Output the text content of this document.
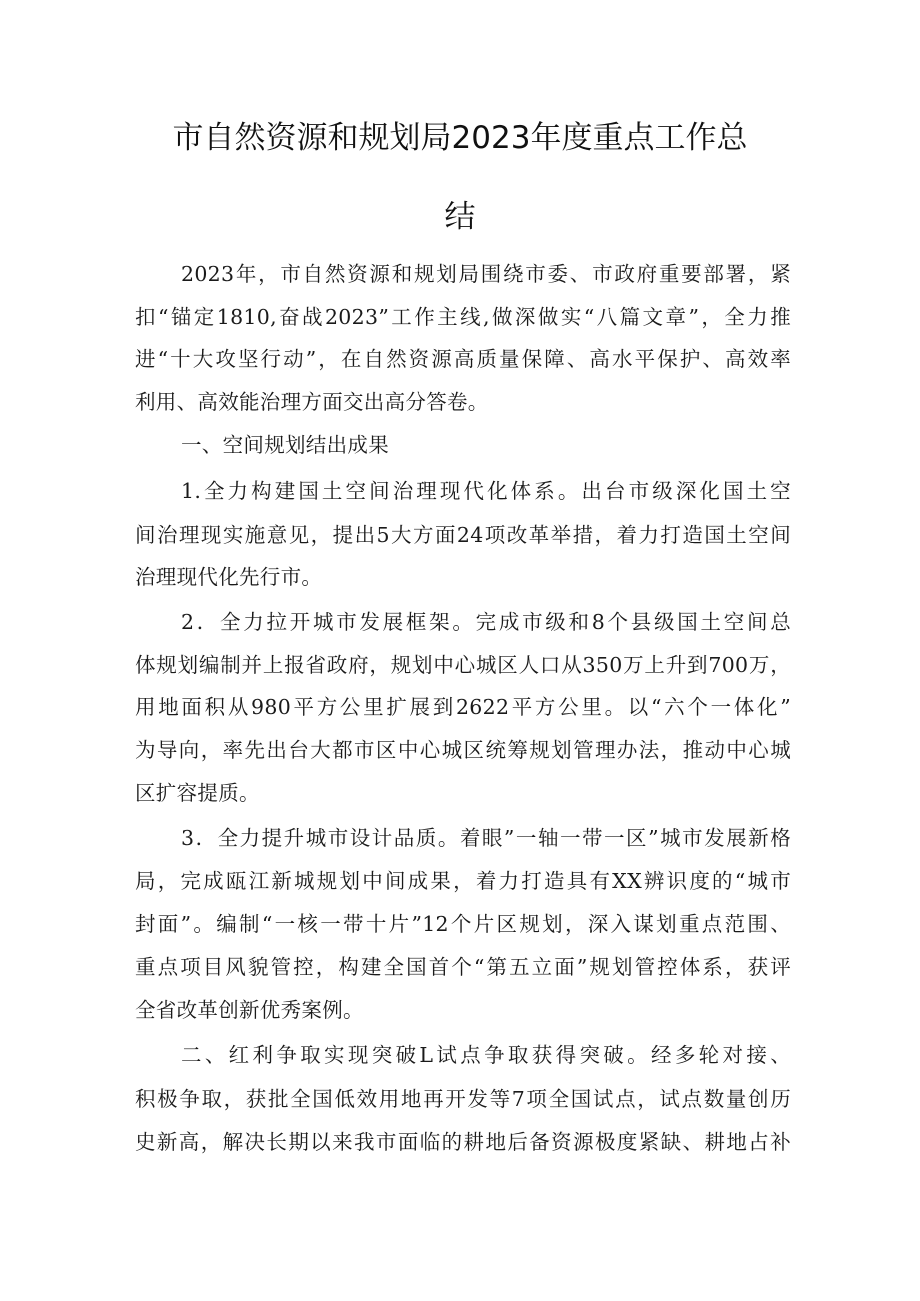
市自然资源和规划局2023年度重点工作总
结
2023年，市自然资源和规划局围绕市委、市政府重要部署，紧
扣“锚定1810,奋战2023”工作主线,做深做实“八篇文章”，全力推
进“十大攻坚行动”，在自然资源高质量保障、高水平保护、高效率
利用、高效能治理方面交出高分答卷。
一、空间规划结出成果
1.全力构建国土空间治理现代化体系。出台市级深化国土空
间治理现实施意见，提出5大方面24项改革举措，着力打造国土空间
治理现代化先行市。
2．全力拉开城市发展框架。完成市级和8个县级国土空间总
体规划编制并上报省政府，规划中心城区人口从350万上升到700万，
用地面积从980平方公里扩展到2622平方公里。以“六个一体化”
为导向，率先出台大都市区中心城区统筹规划管理办法，推动中心城
区扩容提质。
3．全力提升城市设计品质。着眼”一轴一带一区”城市发展新格
局，完成瓯江新城规划中间成果，着力打造具有XX辨识度的“城市
封面”。编制“一核一带十片”12个片区规划，深入谋划重点范围、
重点项目风貌管控，构建全国首个“第五立面”规划管控体系，获评
全省改革创新优秀案例。
二、红利争取实现突破L试点争取获得突破。经多轮对接、
积极争取，获批全国低效用地再开发等7项全国试点，试点数量创历
史新高，解决长期以来我市面临的耕地后备资源极度紧缺、耕地占补
